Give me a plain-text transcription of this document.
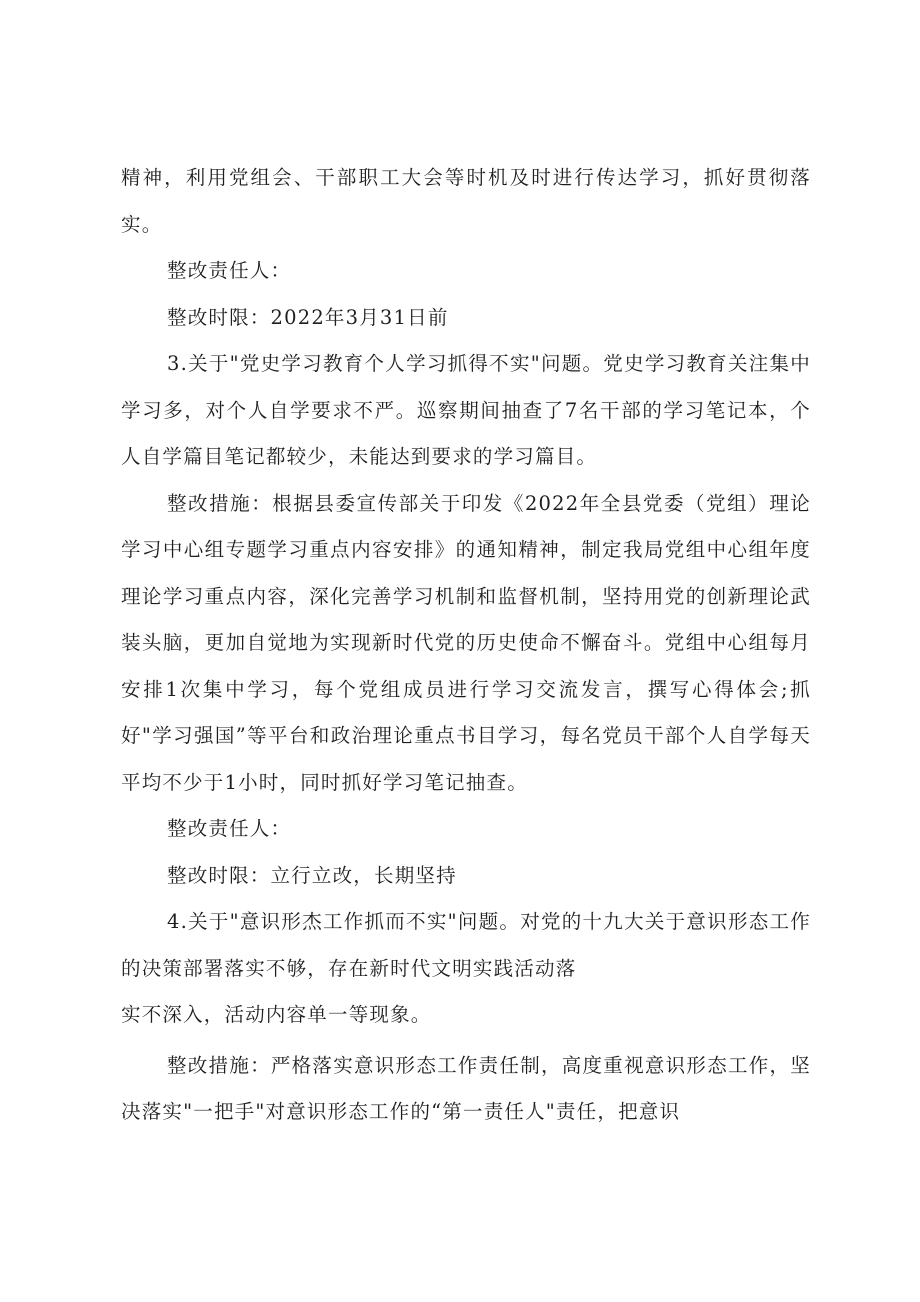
精神，利用党组会、干部职工大会等时机及时进行传达学习，抓好贯彻落实。

整改责任人：

整改时限：2022年3月31日前

3.关于"党史学习教育个人学习抓得不实"问题。党史学习教育关注集中学习多，对个人自学要求不严。巡察期间抽查了7名干部的学习笔记本，个人自学篇目笔记都较少，未能达到要求的学习篇目。

整改措施：根据县委宣传部关于印发《2022年全县党委（党组）理论学习中心组专题学习重点内容安排》的通知精神，制定我局党组中心组年度理论学习重点内容，深化完善学习机制和监督机制，坚持用党的创新理论武装头脑，更加自觉地为实现新时代党的历史使命不懈奋斗。党组中心组每月安排1次集中学习，每个党组成员进行学习交流发言，撰写心得体会;抓好"学习强国”等平台和政治理论重点书目学习，每名党员干部个人自学每天平均不少于1小时，同时抓好学习笔记抽查。

整改责任人：

整改时限：立行立改，长期坚持

4.关于"意识形杰工作抓而不实"问题。对党的十九大关于意识形态工作的决策部署落实不够，存在新时代文明实践活动落

实不深入，活动内容单一等现象。

整改措施：严格落实意识形态工作责任制，高度重视意识形态工作，坚决落实"一把手"对意识形态工作的“第一责任人"责任，把意识
